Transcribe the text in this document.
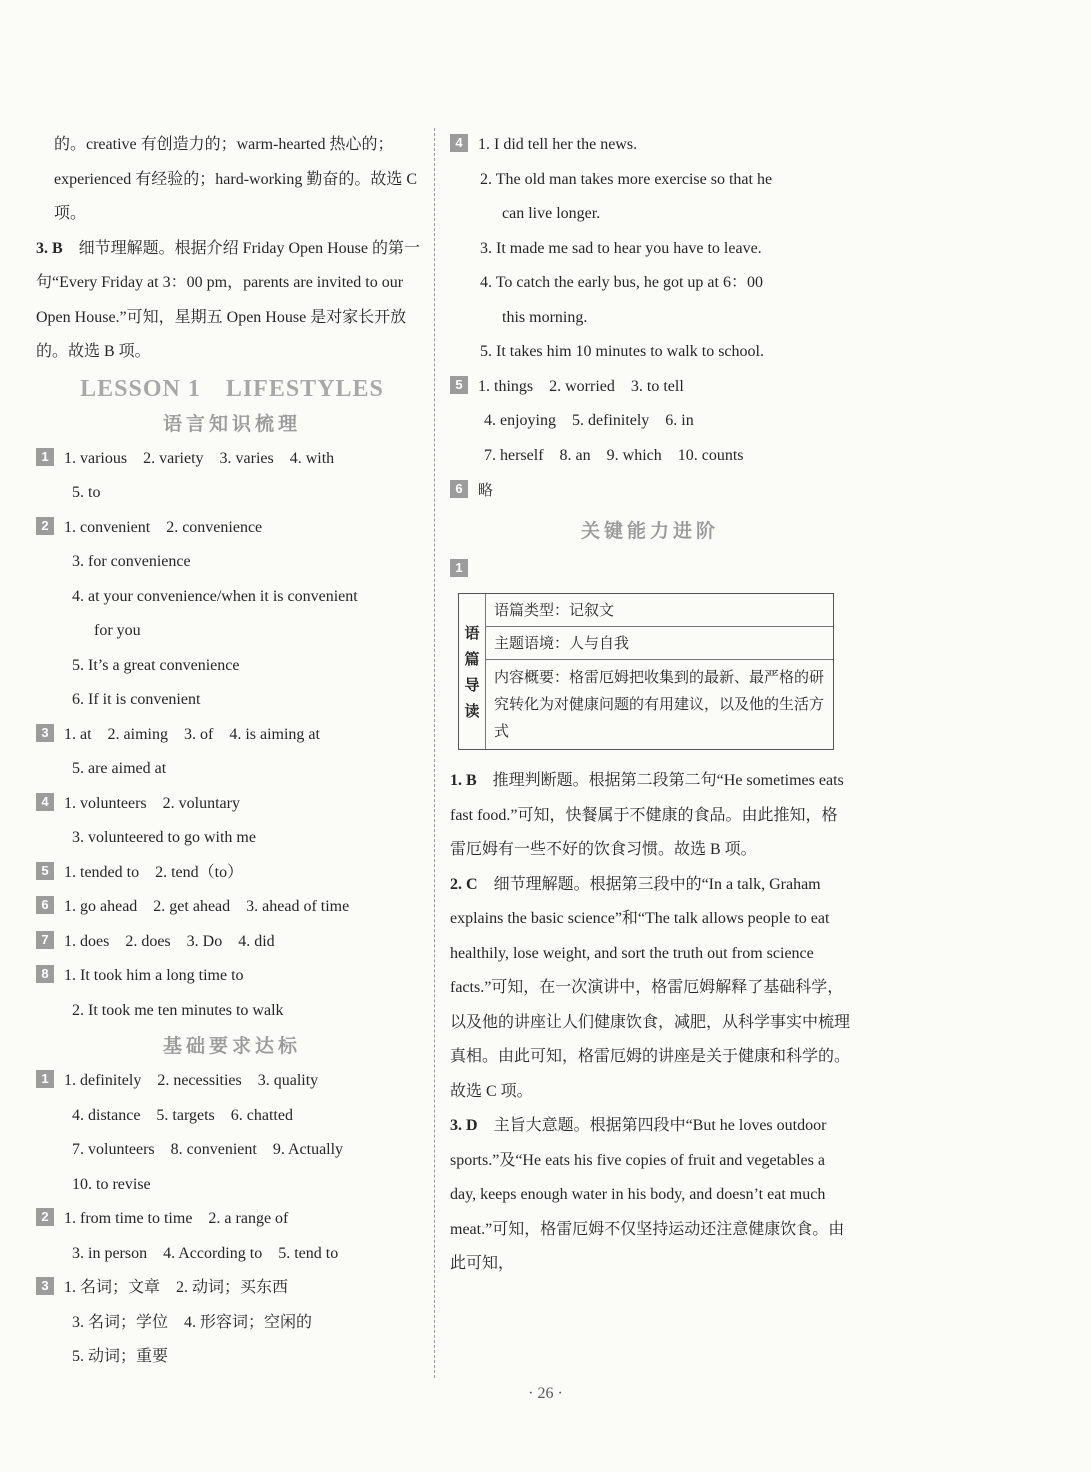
的。creative 有创造力的；warm-hearted 热心的；experienced 有经验的；hard-working 勤奋的。故选 C 项。

3. B 细节理解题。根据介绍 Friday Open House 的第一句“Every Friday at 3：00 pm，parents are invited to our Open House.”可知，星期五 Open House 是对家长开放的。故选 B 项。

LESSON 1　LIFESTYLES
语言知识梳理
1 1. various　2. variety　3. varies　4. with
5. to
2 1. convenient　2. convenience
3. for convenience
4. at your convenience/when it is convenient
for you
5. It’s a great convenience
6. If it is convenient
3 1. at　2. aiming　3. of　4. is aiming at
5. are aimed at
4 1. volunteers　2. voluntary
3. volunteered to go with me
5 1. tended to　2. tend（to）
6 1. go ahead　2. get ahead　3. ahead of time
7 1. does　2. does　3. Do　4. did
8 1. It took him a long time to
2. It took me ten minutes to walk
基础要求达标
1 1. definitely　2. necessities　3. quality
4. distance　5. targets　6. chatted
7. volunteers　8. convenient　9. Actually
10. to revise
2 1. from time to time　2. a range of
3. in person　4. According to　5. tend to
3 1. 名词；文章　2. 动词；买东西
3. 名词；学位　4. 形容词；空闲的
5. 动词；重要
4 1. I did tell her the news.
2. The old man takes more exercise so that he
can live longer.
3. It made me sad to hear you have to leave.
4. To catch the early bus, he got up at 6：00
this morning.
5. It takes him 10 minutes to walk to school.
5 1. things　2. worried　3. to tell
4. enjoying　5. definitely　6. in
7. herself　8. an　9. which　10. counts
6 略
关键能力进阶
1
语
篇
导
读
语篇类型：记叙文
主题语境：人与自我
内容概要：格雷厄姆把收集到的最新、最严格的研究转化为对健康问题的有用建议，以及他的生活方式

1. B 推理判断题。根据第二段第二句“He sometimes eats fast food.”可知，快餐属于不健康的食品。由此推知，格雷厄姆有一些不好的饮食习惯。故选 B 项。

2. C 细节理解题。根据第三段中的“In a talk, Graham explains the basic science”和“The talk allows people to eat healthily, lose weight, and sort the truth out from science facts.”可知，在一次演讲中，格雷厄姆解释了基础科学，以及他的讲座让人们健康饮食，减肥，从科学事实中梳理真相。由此可知，格雷厄姆的讲座是关于健康和科学的。故选 C 项。

3. D 主旨大意题。根据第四段中“But he loves outdoor sports.”及“He eats his five copies of fruit and vegetables a day, keeps enough water in his body, and doesn’t eat much meat.”可知，格雷厄姆不仅坚持运动还注意健康饮食。由此可知，

· 26 ·
